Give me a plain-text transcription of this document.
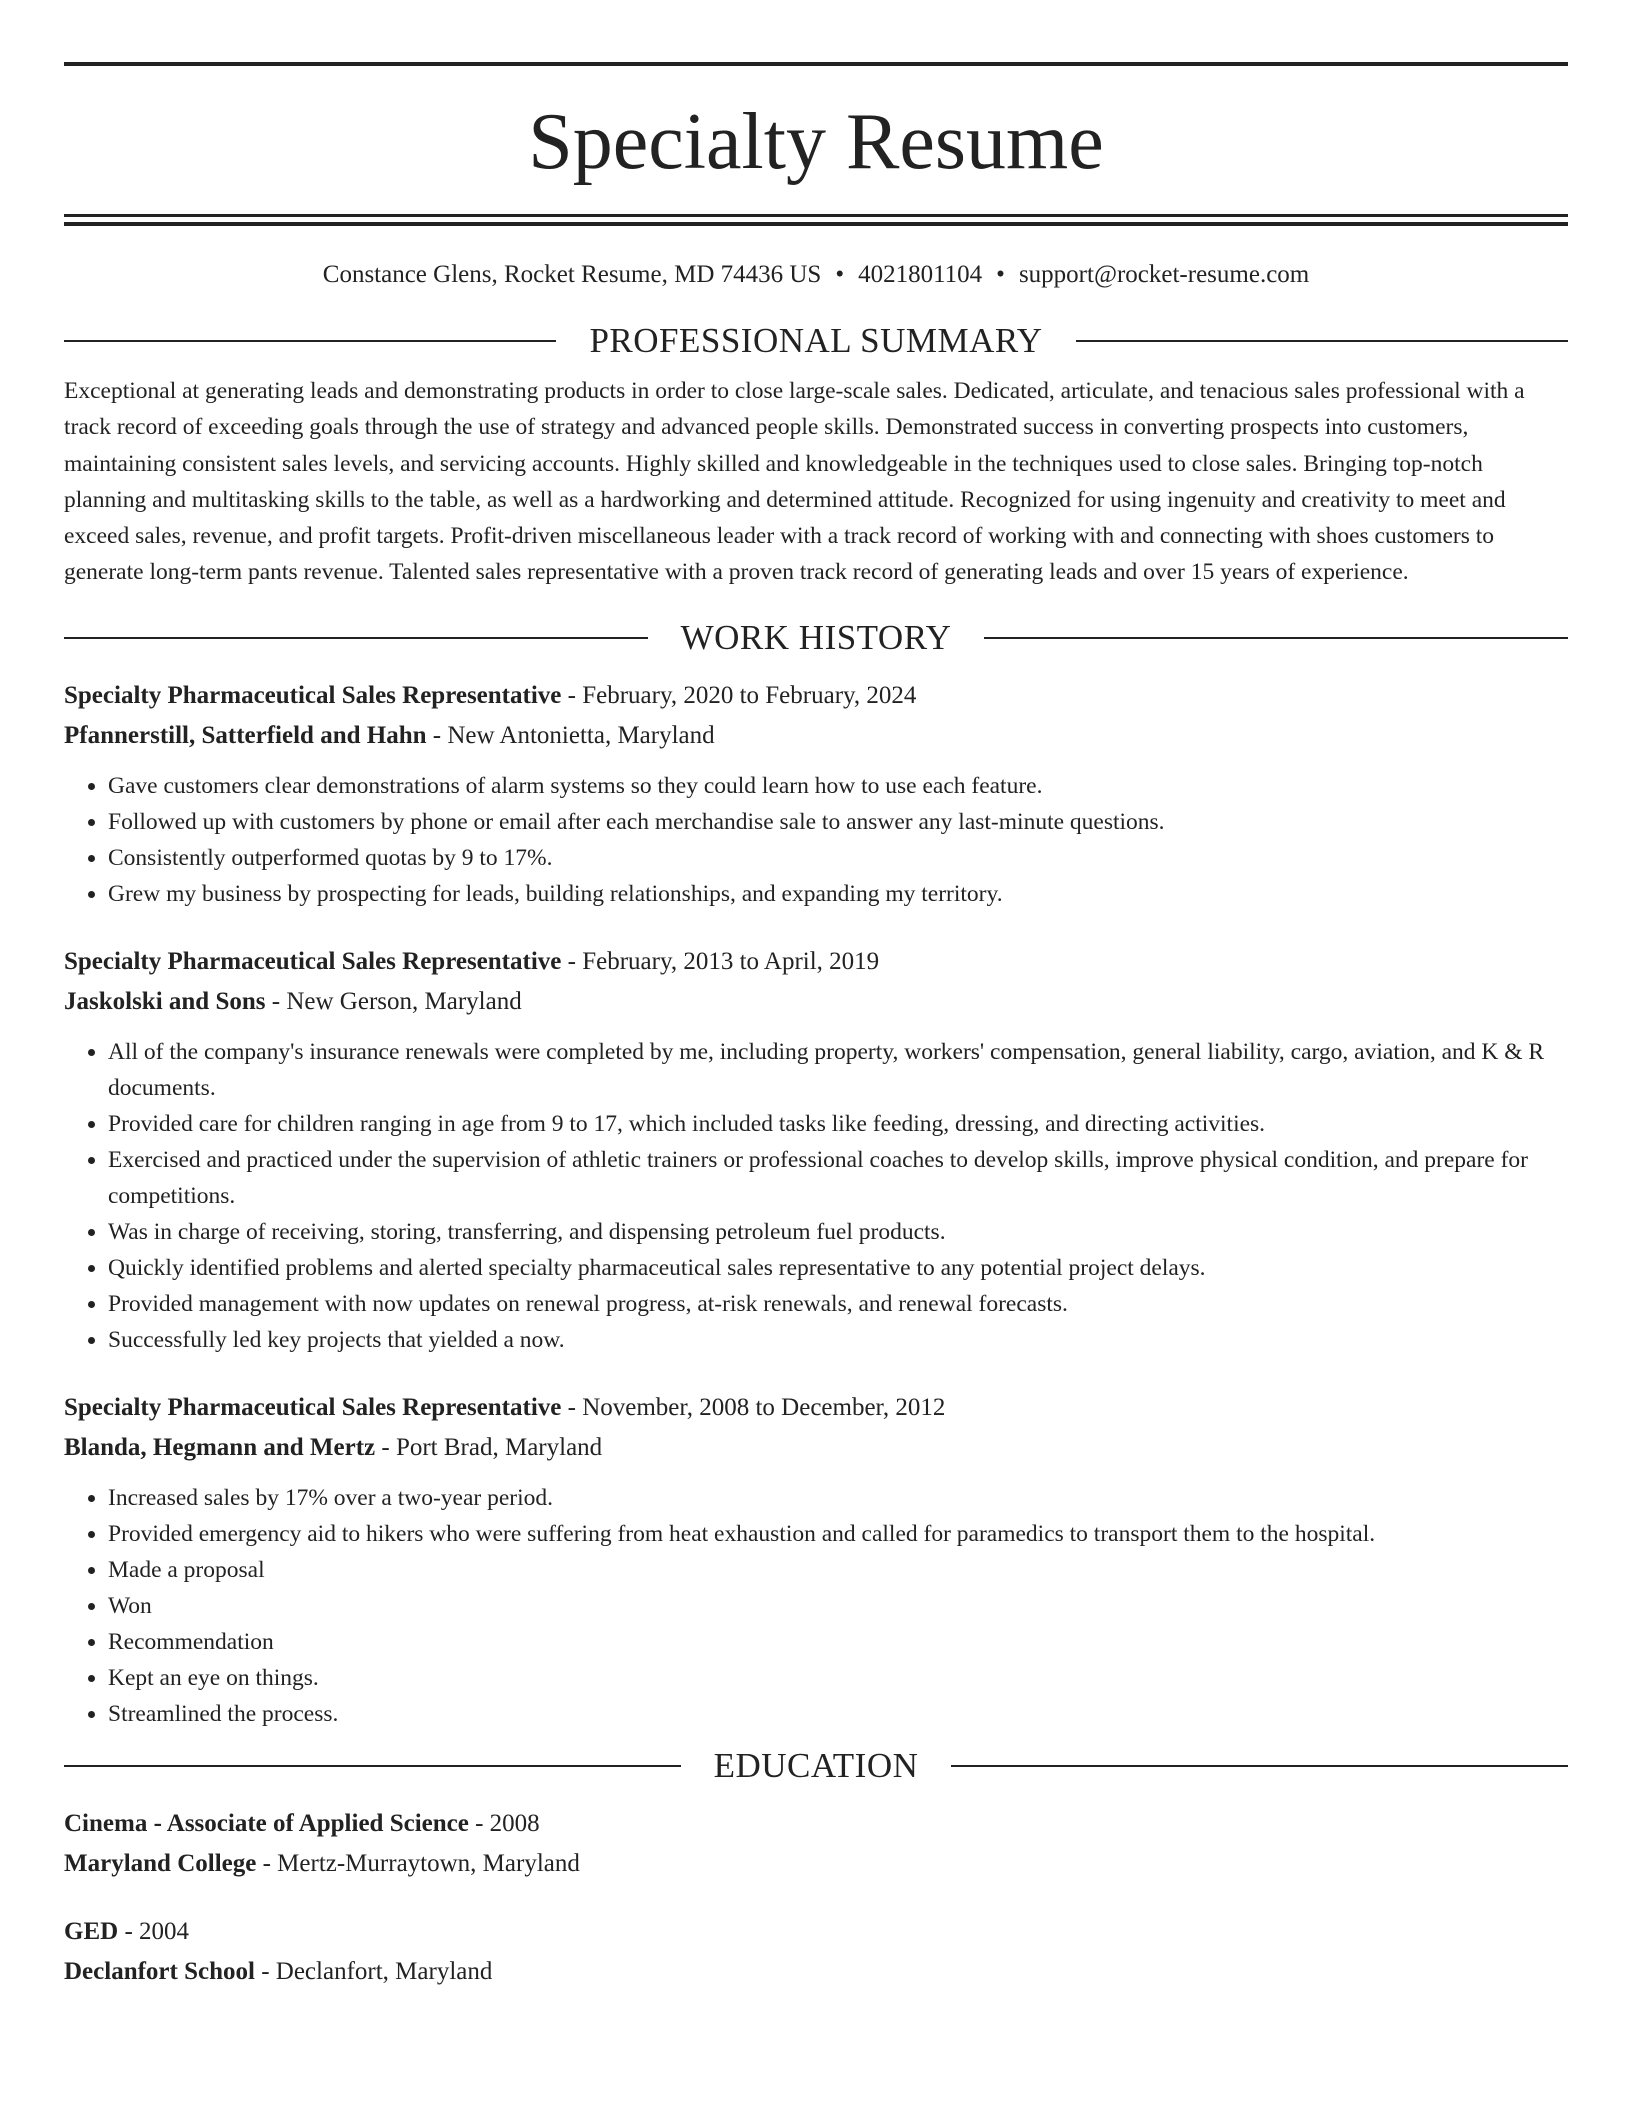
Specialty Resume
Constance Glens, Rocket Resume, MD 74436 US • 4021801104 • support@rocket-resume.com
PROFESSIONAL SUMMARY

Exceptional at generating leads and demonstrating products in order to close large-scale sales. Dedicated, articulate, and tenacious sales professional with a track record of exceeding goals through the use of strategy and advanced people skills. Demonstrated success in converting prospects into customers, maintaining consistent sales levels, and servicing accounts. Highly skilled and knowledgeable in the techniques used to close sales. Bringing top-notch planning and multitasking skills to the table, as well as a hardworking and determined attitude. Recognized for using ingenuity and creativity to meet and exceed sales, revenue, and profit targets. Profit-driven miscellaneous leader with a track record of working with and connecting with shoes customers to generate long-term pants revenue. Talented sales representative with a proven track record of generating leads and over 15 years of experience.

WORK HISTORY
Specialty Pharmaceutical Sales Representative - February, 2020 to February, 2024
Pfannerstill, Satterfield and Hahn - New Antonietta, Maryland
• Gave customers clear demonstrations of alarm systems so they could learn how to use each feature.
• Followed up with customers by phone or email after each merchandise sale to answer any last-minute questions.
• Consistently outperformed quotas by 9 to 17%.
• Grew my business by prospecting for leads, building relationships, and expanding my territory.
Specialty Pharmaceutical Sales Representative - February, 2013 to April, 2019
Jaskolski and Sons - New Gerson, Maryland
• All of the company's insurance renewals were completed by me, including property, workers' compensation, general liability, cargo, aviation, and K & R documents.
• Provided care for children ranging in age from 9 to 17, which included tasks like feeding, dressing, and directing activities.
• Exercised and practiced under the supervision of athletic trainers or professional coaches to develop skills, improve physical condition, and prepare for competitions.
• Was in charge of receiving, storing, transferring, and dispensing petroleum fuel products.
• Quickly identified problems and alerted specialty pharmaceutical sales representative to any potential project delays.
• Provided management with now updates on renewal progress, at-risk renewals, and renewal forecasts.
• Successfully led key projects that yielded a now.
Specialty Pharmaceutical Sales Representative - November, 2008 to December, 2012
Blanda, Hegmann and Mertz - Port Brad, Maryland
• Increased sales by 17% over a two-year period.
• Provided emergency aid to hikers who were suffering from heat exhaustion and called for paramedics to transport them to the hospital.
• Made a proposal
• Won
• Recommendation
• Kept an eye on things.
• Streamlined the process.
EDUCATION
Cinema - Associate of Applied Science - 2008
Maryland College - Mertz-Murraytown, Maryland
GED - 2004
Declanfort School - Declanfort, Maryland
